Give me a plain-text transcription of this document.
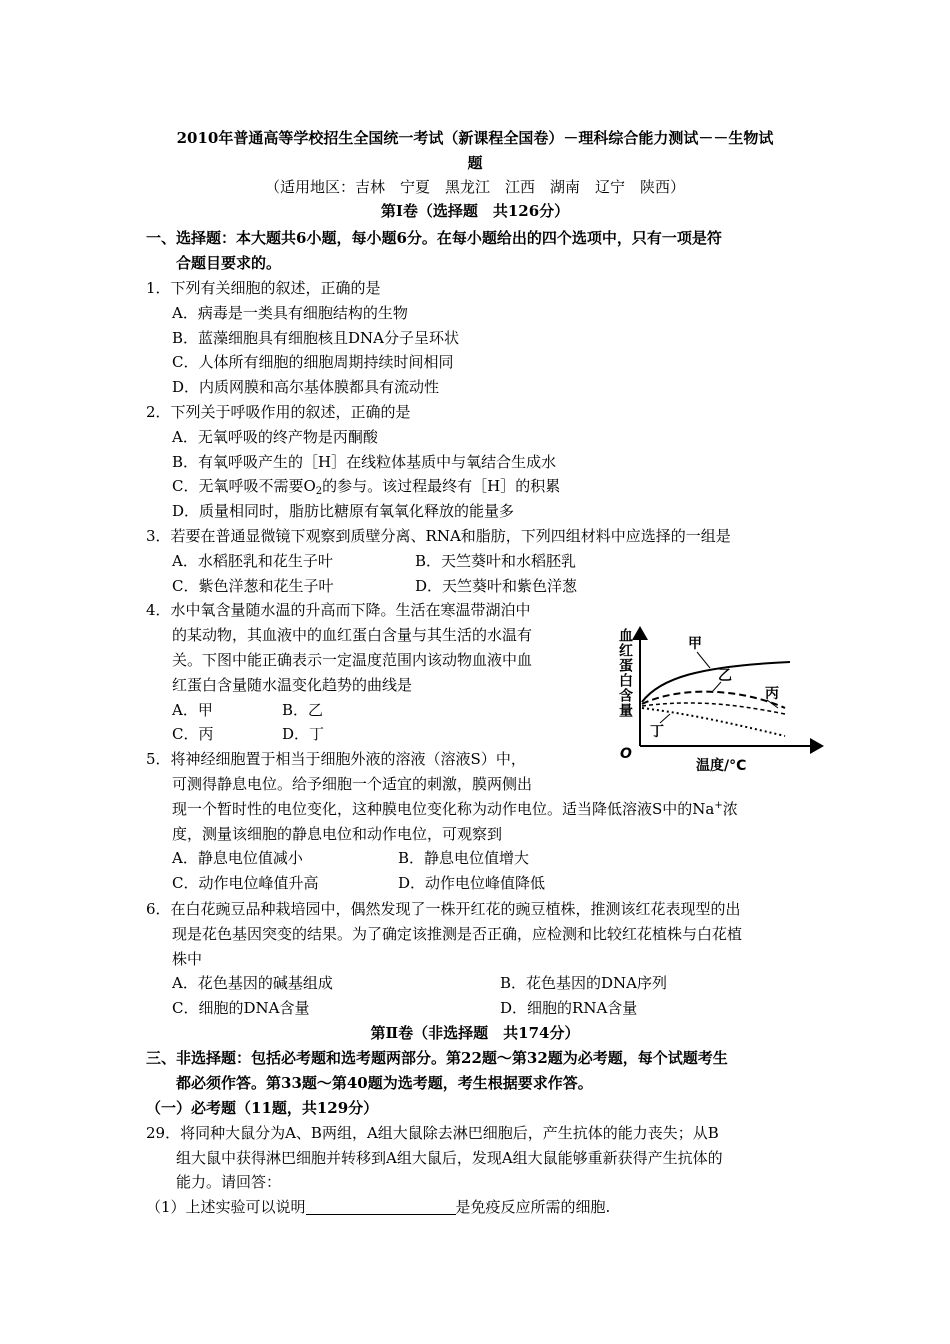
2010年普通高等学校招生全国统一考试（新课程全国卷）－理科综合能力测试－－生物试
题
（适用地区：吉林　宁夏　黑龙江　江西　湖南　辽宁　陕西）
第Ⅰ卷（选择题　共126分）
一、选择题：本大题共6小题，每小题6分。在每小题给出的四个选项中，只有一项是符
合题目要求的。
1．下列有关细胞的叙述，正确的是
A．病毒是一类具有细胞结构的生物
B．蓝藻细胞具有细胞核且DNA分子呈环状
C．人体所有细胞的细胞周期持续时间相同
D．内质网膜和高尔基体膜都具有流动性
2．下列关于呼吸作用的叙述，正确的是
A．无氧呼吸的终产物是丙酮酸
B．有氧呼吸产生的［H］在线粒体基质中与氧结合生成水
C．无氧呼吸不需要$O_2$的参与。该过程最终有［H］的积累
D．质量相同时，脂肪比糖原有氧氧化释放的能量多
3．若要在普通显微镜下观察到质壁分离、RNA和脂肪，下列四组材料中应选择的一组是
A．水稻胚乳和花生子叶	B．天竺葵叶和水稻胚乳
C．紫色洋葱和花生子叶	D．天竺葵叶和紫色洋葱
4．水中氧含量随水温的升高而下降。生活在寒温带湖泊中
的某动物，其血液中的血红蛋白含量与其生活的水温有
关。下图中能正确表示一定温度范围内该动物血液中血
红蛋白含量随水温变化趋势的曲线是
A．甲	B．乙
C．丙	D．丁
血红蛋白含量
O
温度/°C
甲
乙
丙
丁
5．将神经细胞置于相当于细胞外液的溶液（溶液S）中，
可测得静息电位。给予细胞一个适宜的刺激，膜两侧出
现一个暂时性的电位变化，这种膜电位变化称为动作电位。适当降低溶液S中的Na+浓
度，测量该细胞的静息电位和动作电位，可观察到
A．静息电位值减小	B．静息电位值增大
C．动作电位峰值升高	D．动作电位峰值降低
6．在白花豌豆品种栽培园中，偶然发现了一株开红花的豌豆植株，推测该红花表现型的出
现是花色基因突变的结果。为了确定该推测是否正确，应检测和比较红花植株与白花植
株中
A．花色基因的碱基组成	B．花色基因的DNA序列
C．细胞的DNA含量	D．细胞的RNA含量
第Ⅱ卷（非选择题　共174分）
三、非选择题：包括必考题和选考题两部分。第22题～第32题为必考题，每个试题考生
都必须作答。第33题～第40题为选考题，考生根据要求作答。
（一）必考题（11题，共129分）
29．将同种大鼠分为A、B两组，A组大鼠除去淋巴细胞后，产生抗体的能力丧失；从B
组大鼠中获得淋巴细胞并转移到A组大鼠后，发现A组大鼠能够重新获得产生抗体的
能力。请回答：
（1）上述实验可以说明	是免疫反应所需的细胞.
